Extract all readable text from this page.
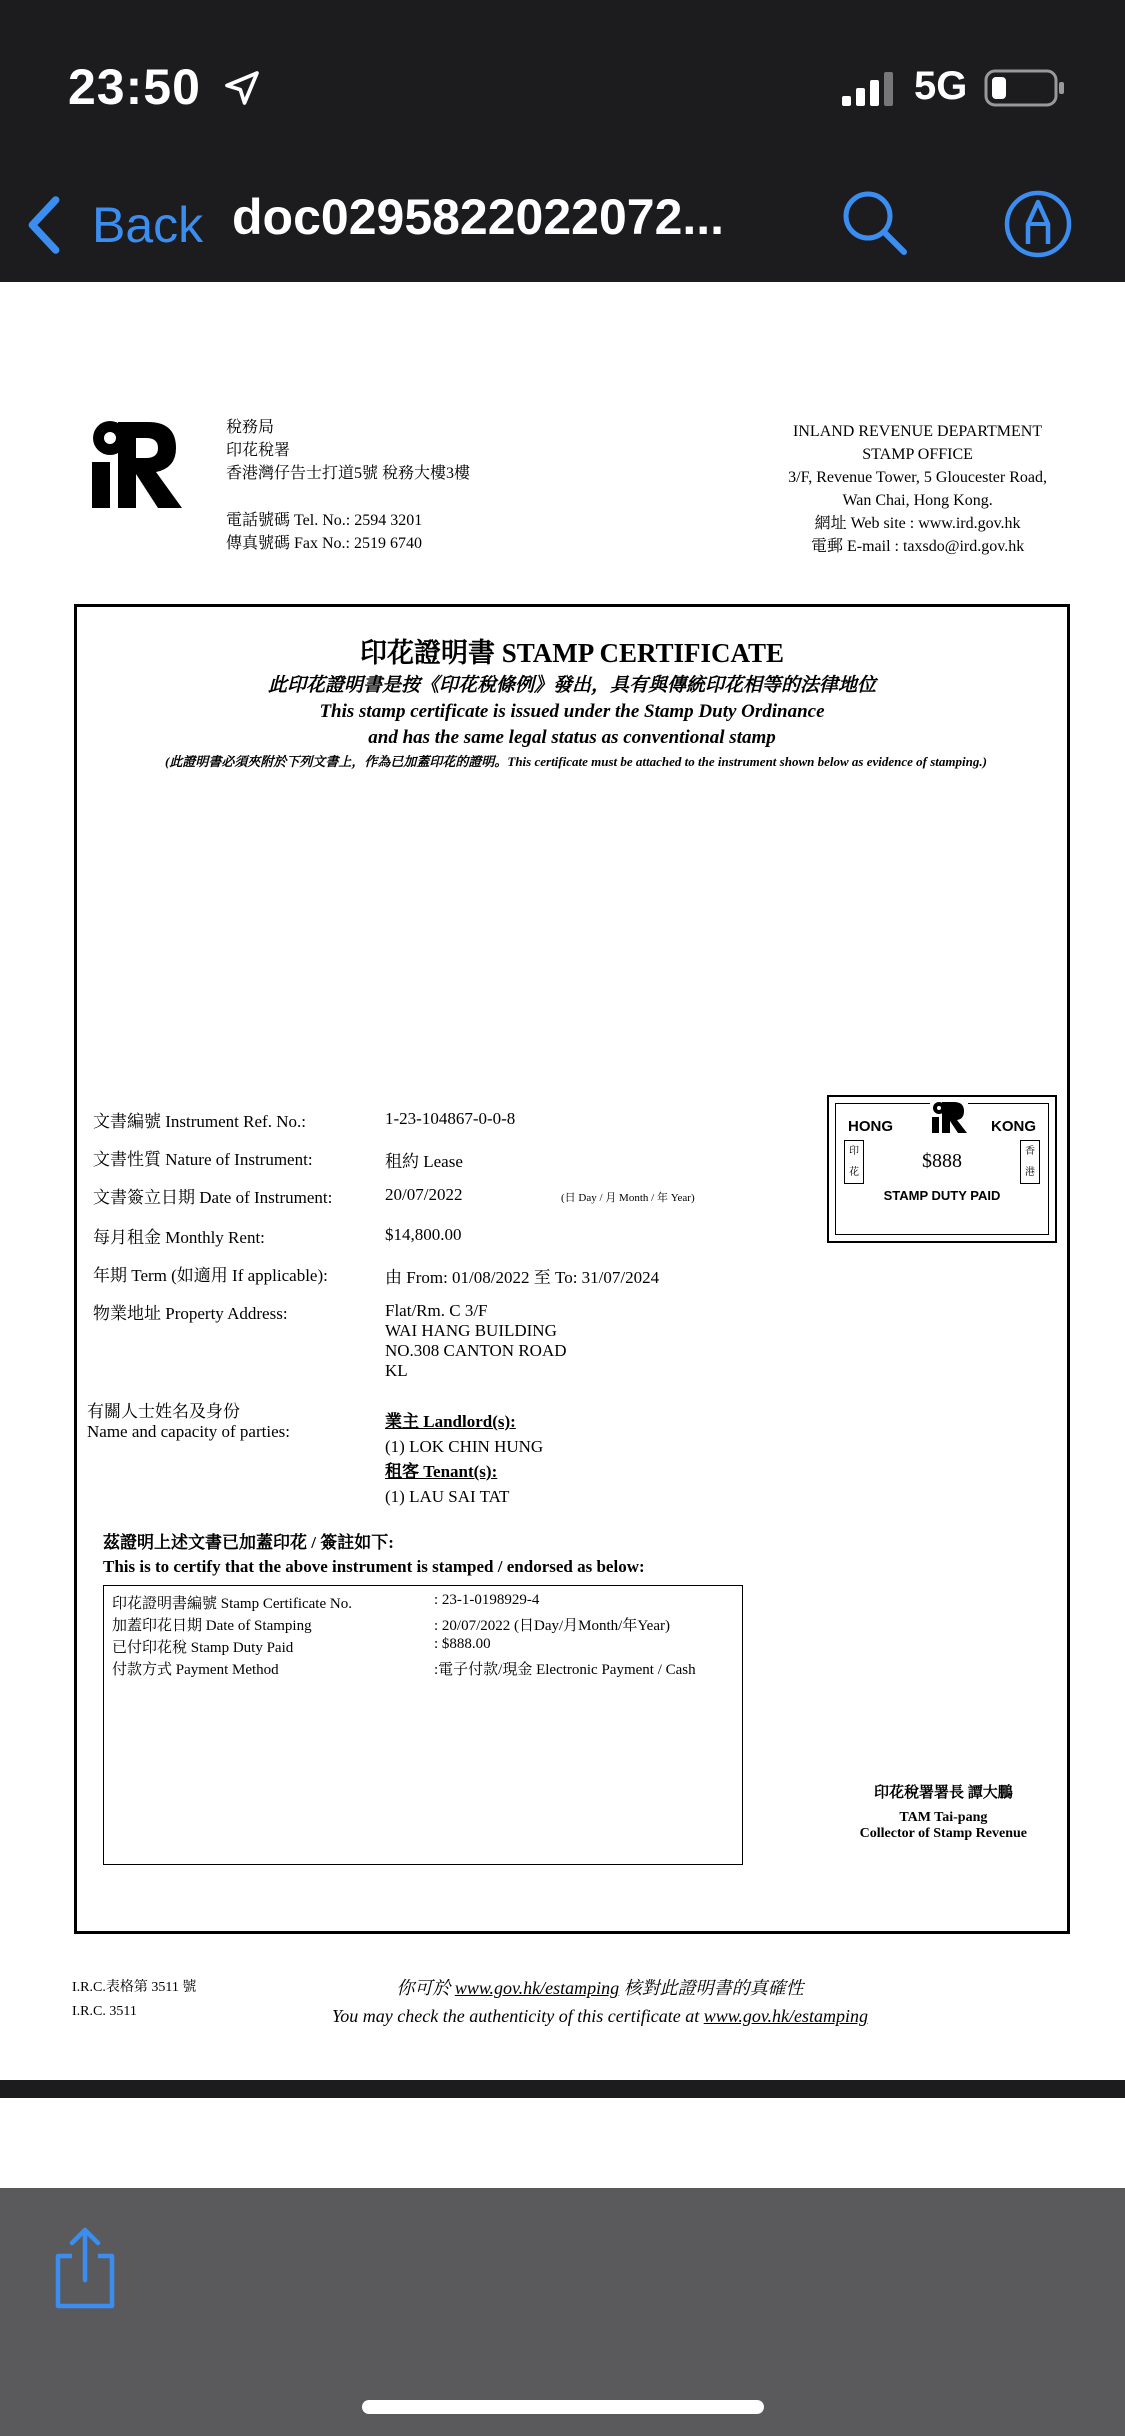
23:50	5G
Back doc0295822022072...
稅務局
印花稅署
香港灣仔告士打道5號 稅務大樓3樓
電話號碼 Tel. No.: 2594 3201
傳真號碼 Fax No.: 2519 6740
INLAND REVENUE DEPARTMENT
STAMP OFFICE
3/F, Revenue Tower, 5 Gloucester Road,
Wan Chai, Hong Kong.
網址 Web site : www.ird.gov.hk
電郵 E-mail : taxsdo@ird.gov.hk
印花證明書 STAMP CERTIFICATE
此印花證明書是按《印花稅條例》發出，具有與傳統印花相等的法律地位
This stamp certificate is issued under the Stamp Duty Ordinance
and has the same legal status as conventional stamp
(此證明書必須夾附於下列文書上，作為已加蓋印花的證明。This certificate must be attached to the instrument shown below as evidence of stamping.)
文書編號 Instrument Ref. No.:	1-23-104867-0-0-8
文書性質 Nature of Instrument:	租約 Lease
文書簽立日期 Date of Instrument:	20/07/2022	(日 Day / 月 Month / 年 Year)
每月租金 Monthly Rent:	$14,800.00
年期 Term (如適用 If applicable):	由 From: 01/08/2022 至 To: 31/07/2024
物業地址 Property Address:	Flat/Rm. C 3/F
WAI HANG BUILDING
NO.308 CANTON ROAD
KL
有關人士姓名及身份
Name and capacity of parties:
業主 Landlord(s):
(1) LOK CHIN HUNG
租客 Tenant(s):
(1) LAU SAI TAT
HONG	KONG
印花
香港
$888
STAMP DUTY PAID
茲證明上述文書已加蓋印花 / 簽註如下:
This is to certify that the above instrument is stamped / endorsed as below:
印花證明書編號 Stamp Certificate No.	: 23-1-0198929-4
加蓋印花日期 Date of Stamping	: 20/07/2022 (日Day/月Month/年Year)
已付印花稅 Stamp Duty Paid	: $888.00
付款方式 Payment Method	:電子付款/現金 Electronic Payment / Cash
印花稅署署長 譚大鵬
TAM Tai-pang
Collector of Stamp Revenue
I.R.C.表格第 3511 號
I.R.C. 3511
你可於 www.gov.hk/estamping 核對此證明書的真確性
You may check the authenticity of this certificate at www.gov.hk/estamping
